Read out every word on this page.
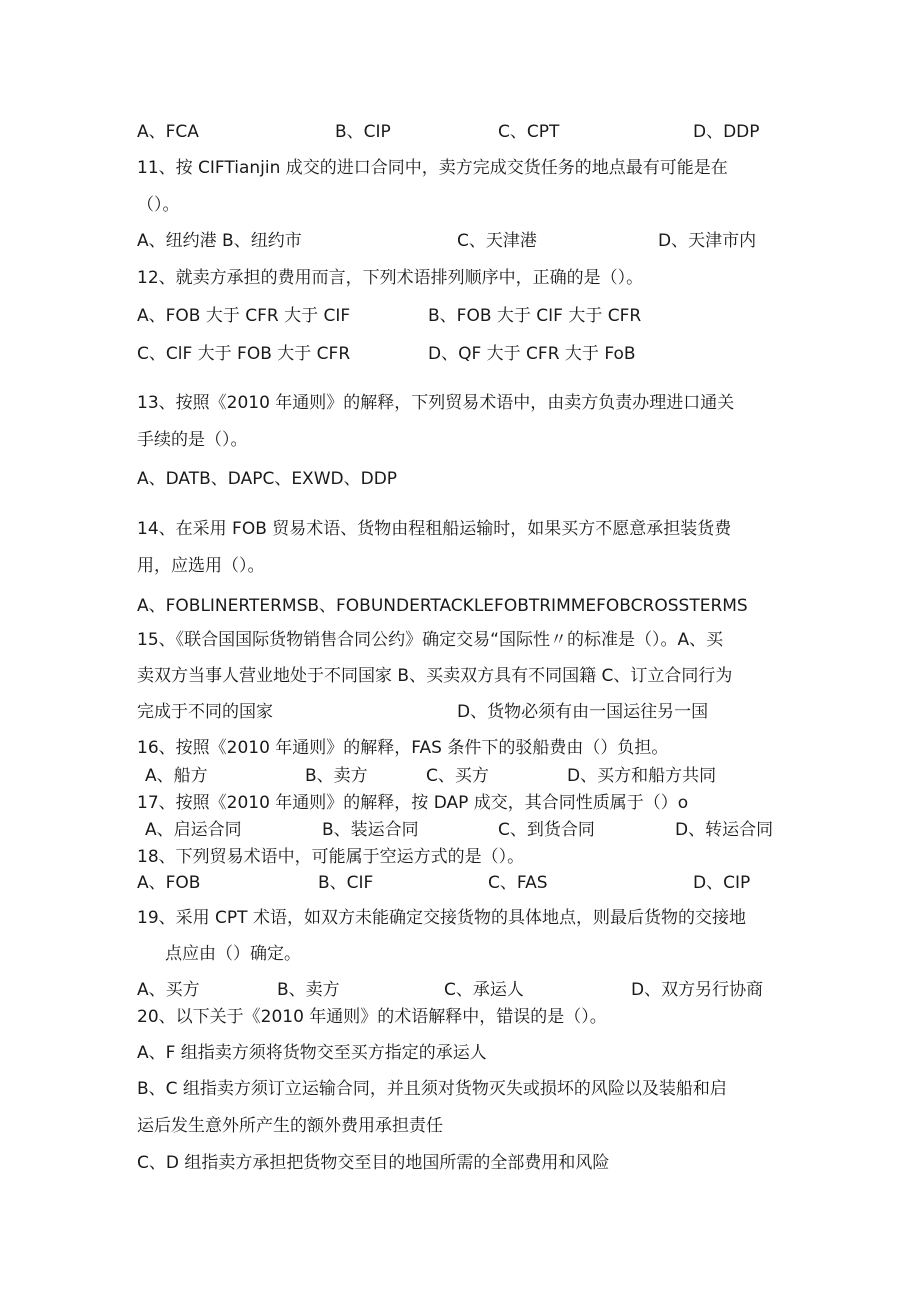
A、FCA	B、CIP	C、CPT	D、DDP
11、按 CIFTianjin 成交的进口合同中，卖方完成交货任务的地点最有可能是在
（）。
A、纽约港 B、纽约市	C、天津港	D、天津市内
12、就卖方承担的费用而言，下列术语排列顺序中，正确的是（）。
A、FOB 大于 CFR 大于 CIF	B、FOB 大于 CIF 大于 CFR
C、ClF 大于 FOB 大于 CFR	D、QF 大于 CFR 大于 FoB
13、按照《2010 年通则》的解释，下列贸易术语中，由卖方负责办理进口通关
手续的是（）。
A、DATB、DAPC、EXWD、DDP
14、在采用 FOB 贸易术语、货物由程租船运输时，如果买方不愿意承担装货费
用，应选用（）。
A、FOBLINERTERMSB、FOBUNDERTACKLEFOBTRIMMEFOBCROSSTERMS
15、《联合国国际货物销售合同公约》确定交易“国际性〃的标准是（）。A、买
卖双方当事人营业地处于不同国家 B、买卖双方具有不同国籍 C、订立合同行为
完成于不同的国家	D、货物必须有由一国运往另一国
16、按照《2010 年通则》的解释，FAS 条件下的驳船费由（）负担。
A、船方	B、卖方	C、买方	D、买方和船方共同
17、按照《2010 年通则》的解释，按 DAP 成交，其合同性质属于（）o
A、启运合同	B、装运合同	C、到货合同	D、转运合同
18、下列贸易术语中，可能属于空运方式的是（）。
A、FOB	B、CIF	C、FAS	D、CIP
19、采用 CPT 术语，如双方未能确定交接货物的具体地点，则最后货物的交接地
点应由（）确定。
A、买方	B、卖方	C、承运人	D、双方另行协商
20、以下关于《2010 年通则》的术语解释中，错误的是（）。
A、F 组指卖方须将货物交至买方指定的承运人
B、C 组指卖方须订立运输合同，并且须对货物灭失或损坏的风险以及装船和启
运后发生意外所产生的额外费用承担责任
C、D 组指卖方承担把货物交至目的地国所需的全部费用和风险
